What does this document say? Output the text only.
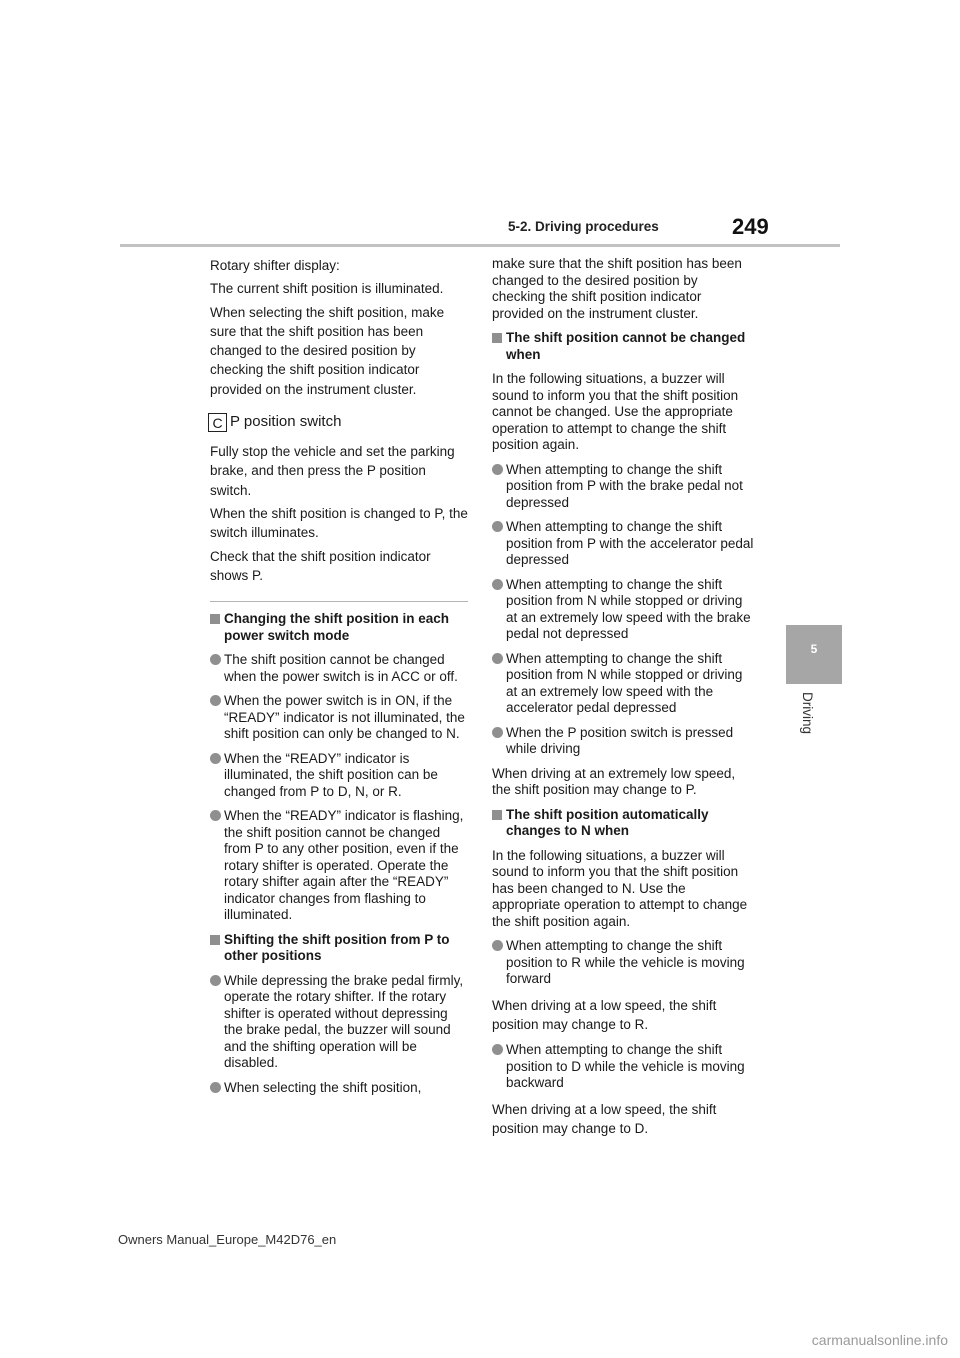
5-2. Driving procedures	249
5
Driving
Rotary shifter display:
The current shift position is illuminated.
When selecting the shift position, make sure that the shift position has been changed to the desired position by checking the shift position indicator provided on the instrument cluster.
C P position switch
Fully stop the vehicle and set the parking brake, and then press the P position switch.
When the shift position is changed to P, the switch illuminates.
Check that the shift position indicator shows P.
Changing the shift position in each power switch mode
The shift position cannot be changed when the power switch is in ACC or off.
When the power switch is in ON, if the “READY” indicator is not illuminated, the shift position can only be changed to N.
When the “READY” indicator is illuminated, the shift position can be changed from P to D, N, or R.
When the “READY” indicator is flashing, the shift position cannot be changed from P to any other position, even if the rotary shifter is operated. Operate the rotary shifter again after the “READY” indicator changes from flashing to illuminated.
Shifting the shift position from P to other positions
While depressing the brake pedal firmly, operate the rotary shifter. If the rotary shifter is operated without depressing the brake pedal, the buzzer will sound and the shifting operation will be disabled.
When selecting the shift position,
make sure that the shift position has been changed to the desired position by checking the shift position indicator provided on the instrument cluster.
The shift position cannot be changed when
In the following situations, a buzzer will sound to inform you that the shift position cannot be changed. Use the appropriate operation to attempt to change the shift position again.
When attempting to change the shift position from P with the brake pedal not depressed
When attempting to change the shift position from P with the accelerator pedal depressed
When attempting to change the shift position from N while stopped or driving at an extremely low speed with the brake pedal not depressed
When attempting to change the shift position from N while stopped or driving at an extremely low speed with the accelerator pedal depressed
When the P position switch is pressed while driving
When driving at an extremely low speed, the shift position may change to P.
The shift position automatically changes to N when
In the following situations, a buzzer will sound to inform you that the shift position has been changed to N. Use the appropriate operation to attempt to change the shift position again.
When attempting to change the shift position to R while the vehicle is moving forward
When driving at a low speed, the shift position may change to R.
When attempting to change the shift position to D while the vehicle is moving backward
When driving at a low speed, the shift position may change to D.
Owners Manual_Europe_M42D76_en
carmanualsonline.info
